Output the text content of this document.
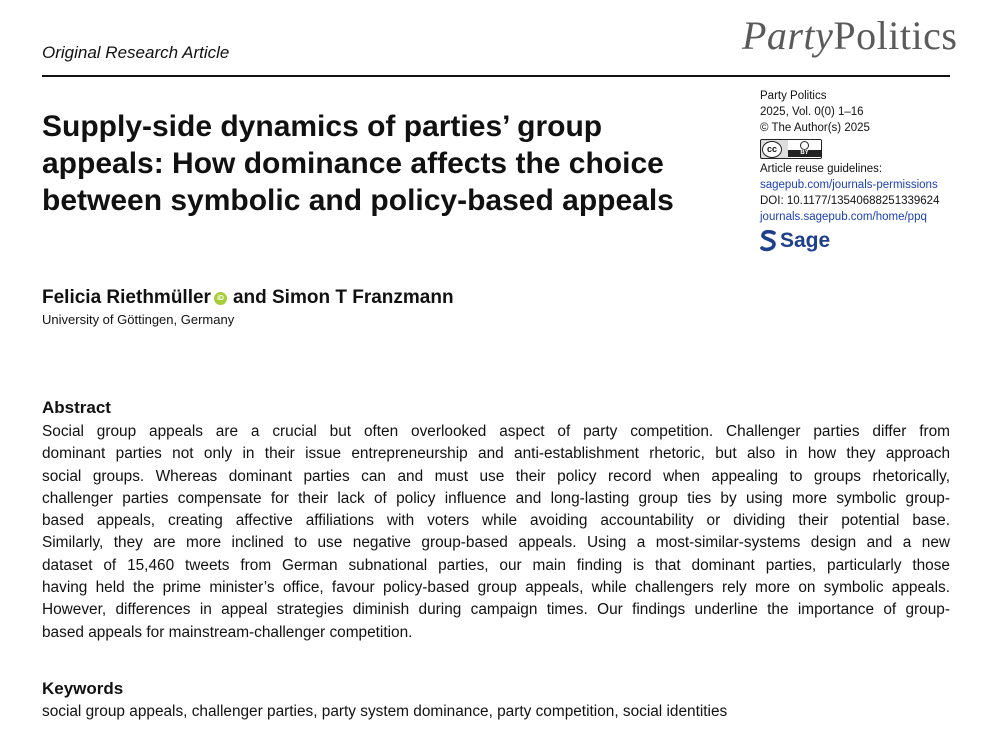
Original Research Article	PartyPolitics
Supply-side dynamics of parties’ group
appeals: How dominance affects the choice
between symbolic and policy-based appeals
Party Politics
2025, Vol. 0(0) 1–16
© The Author(s) 2025
cc	BY
Article reuse guidelines:
sagepub.com/journals-permissions
DOI: 10.1177/13540688251339624
journals.sagepub.com/home/ppq
Sage
Felicia Riethmüller iD and Simon T Franzmann
University of Göttingen, Germany
Abstract
Social group appeals are a crucial but often overlooked aspect of party competition. Challenger parties differ from
dominant parties not only in their issue entrepreneurship and anti-establishment rhetoric, but also in how they approach
social groups. Whereas dominant parties can and must use their policy record when appealing to groups rhetorically,
challenger parties compensate for their lack of policy influence and long-lasting group ties by using more symbolic group-
based appeals, creating affective affiliations with voters while avoiding accountability or dividing their potential base.
Similarly, they are more inclined to use negative group-based appeals. Using a most-similar-systems design and a new
dataset of 15,460 tweets from German subnational parties, our main finding is that dominant parties, particularly those
having held the prime minister’s office, favour policy-based group appeals, while challengers rely more on symbolic appeals.
However, differences in appeal strategies diminish during campaign times. Our findings underline the importance of group-
based appeals for mainstream-challenger competition.
Keywords
social group appeals, challenger parties, party system dominance, party competition, social identities
